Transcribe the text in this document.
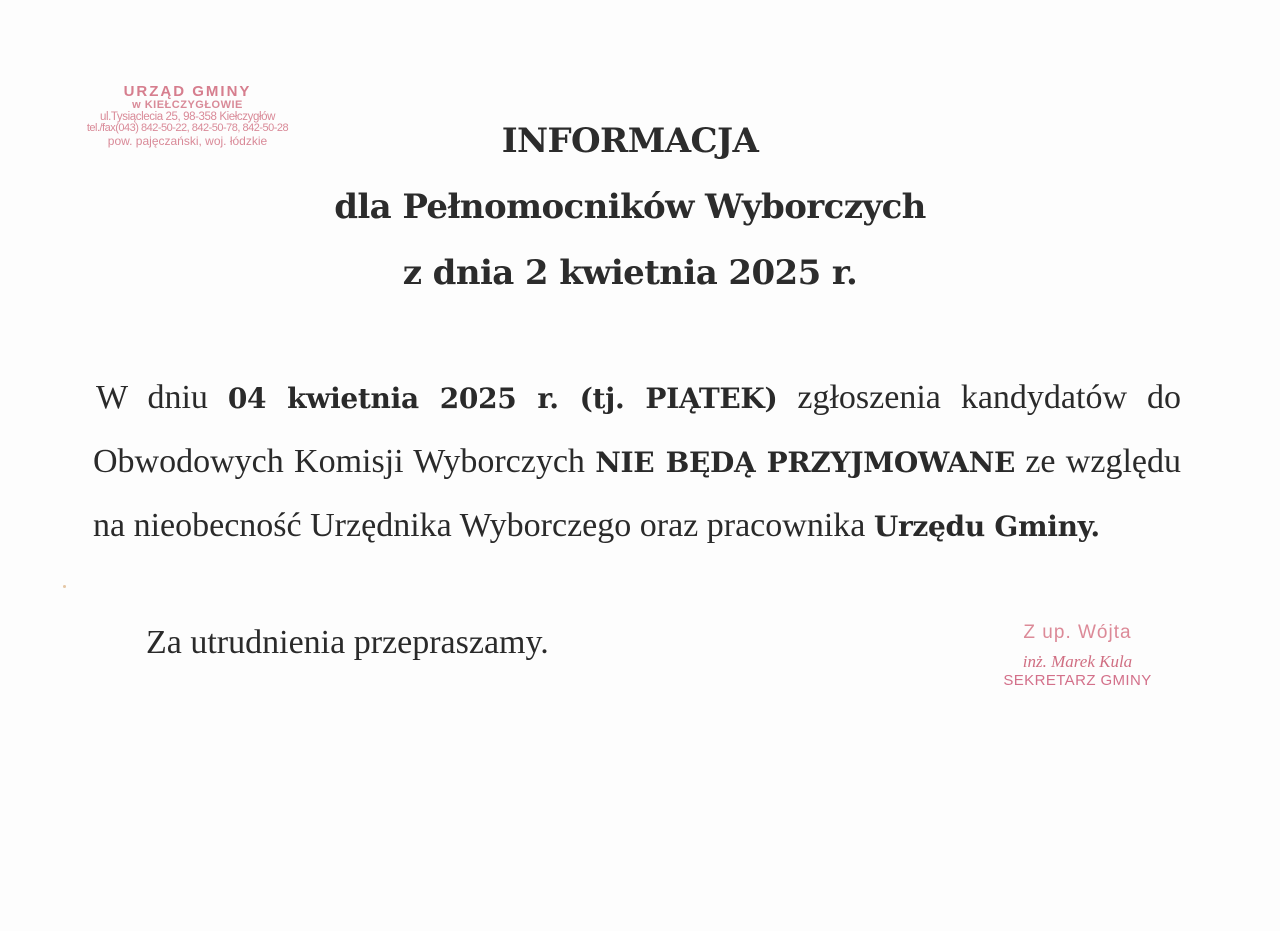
URZĄD GMINY
w KIEŁCZYGŁOWIE
ul.Tysiąclecia 25, 98-358 Kiełczygłów
tel./fax(043) 842-50-22, 842-50-78, 842-50-28
pow. pajęczański, woj. łódzkie	INFORMACJA
dla Pełnomocników Wyborczych
z dnia 2 kwietnia 2025 r.
W dniu 04 kwietnia 2025 r. (tj. PIĄTEK) zgłoszenia kandydatów do Obwodowych Komisji Wyborczych NIE BĘDĄ PRZYJMOWANE ze względu na nieobecność Urzędnika Wyborczego oraz pracownika Urzędu Gminy.
Za utrudnienia przepraszamy.	Z up. Wójta
inż. Marek Kula
SEKRETARZ GMINY
